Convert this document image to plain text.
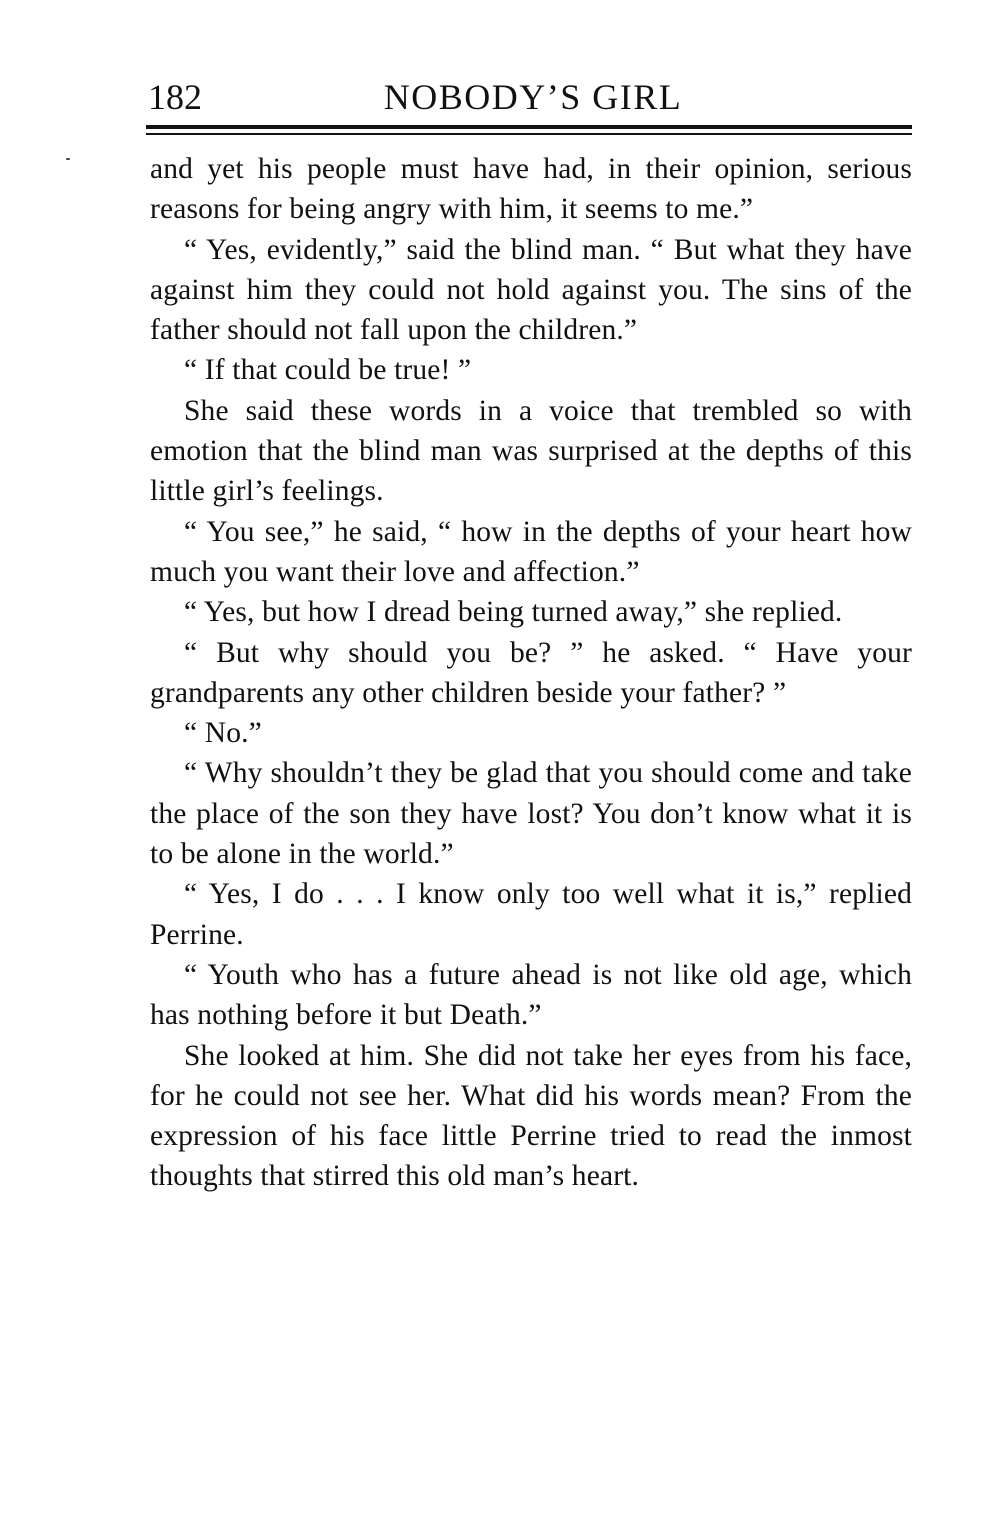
182	NOBODY’S GIRL

and yet his people must have had, in their opinion, serious reasons for being angry with him, it seems to me.”

“ Yes, evidently,” said the blind man. “ But what they have against him they could not hold against you. The sins of the father should not fall upon the children.”

“ If that could be true! ”

She said these words in a voice that trembled so with emotion that the blind man was surprised at the depths of this little girl’s feelings.

“ You see,” he said, “ how in the depths of your heart how much you want their love and affection.”

“ Yes, but how I dread being turned away,” she replied.

“ But why should you be? ” he asked. “ Have your grandparents any other children beside your father? ”

“ No.”

“ Why shouldn’t they be glad that you should come and take the place of the son they have lost? You don’t know what it is to be alone in the world.”

“ Yes, I do . . . I know only too well what it is,” replied Perrine.

“ Youth who has a future ahead is not like old age, which has nothing before it but Death.”

She looked at him. She did not take her eyes from his face, for he could not see her. What did his words mean? From the expression of his face little Perrine tried to read the inmost thoughts that stirred this old man’s heart.
